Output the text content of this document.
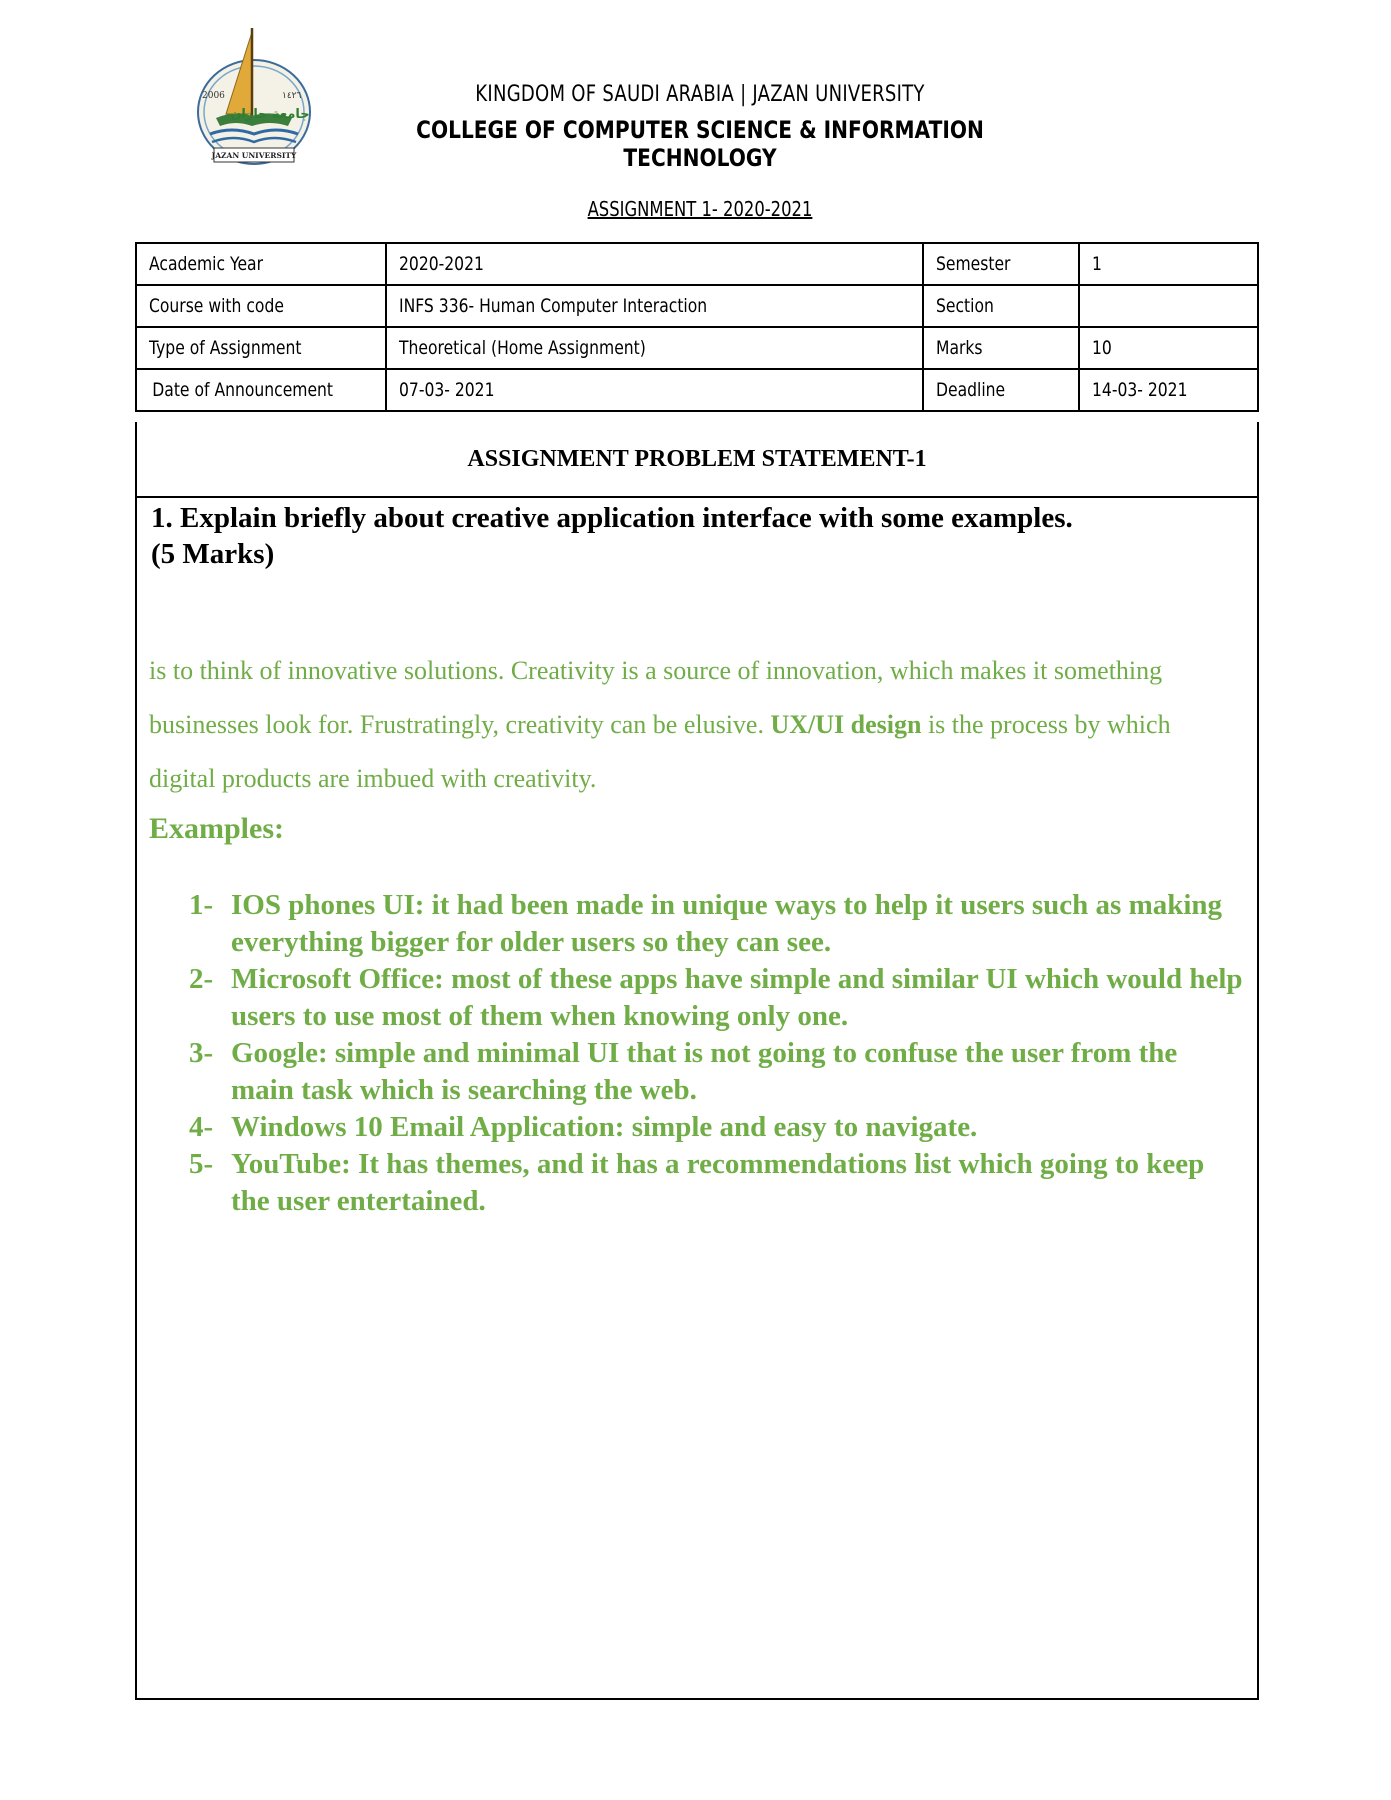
2006	١٤٢٦
جامعة جازان
JAZAN UNIVERSITY
KINGDOM OF SAUDI ARABIA | JAZAN UNIVERSITY
COLLEGE OF COMPUTER SCIENCE & INFORMATION TECHNOLOGY
ASSIGNMENT 1- 2020-2021
Academic Year	2020-2021	Semester	1
Course with code	INFS 336- Human Computer Interaction	Section	
Type of Assignment	Theoretical (Home Assignment)	Marks	10
Date of Announcement	07-03- 2021	Deadline	14-03- 2021
ASSIGNMENT PROBLEM STATEMENT-1
1. Explain briefly about creative application interface with some examples.
(5 Marks)
is to think of innovative solutions. Creativity is a source of innovation, which makes it something businesses look for. Frustratingly, creativity can be elusive. UX/UI design is the process by which digital products are imbued with creativity.
Examples:
1- IOS phones UI: it had been made in unique ways to help it users such as making everything bigger for older users so they can see.
2- Microsoft Office: most of these apps have simple and similar UI which would help users to use most of them when knowing only one.
3- Google: simple and minimal UI that is not going to confuse the user from the main task which is searching the web.
4- Windows 10 Email Application: simple and easy to navigate.
5- YouTube: It has themes, and it has a recommendations list which going to keep the user entertained.
